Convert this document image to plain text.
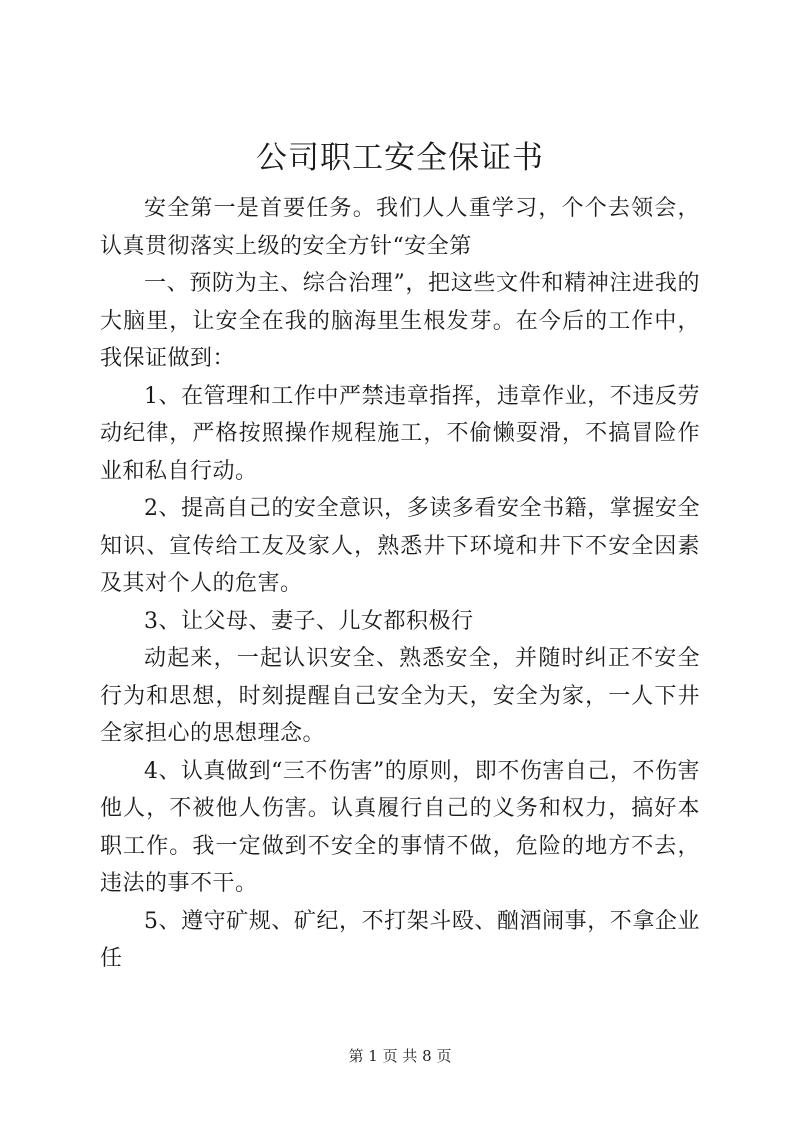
公司职工安全保证书

安全第一是首要任务。我们人人重学习，个个去领会，认真贯彻落实上级的安全方针“安全第

一、预防为主、综合治理”，把这些文件和精神注进我的大脑里，让安全在我的脑海里生根发芽。在今后的工作中，我保证做到：

1、在管理和工作中严禁违章指挥，违章作业，不违反劳动纪律，严格按照操作规程施工，不偷懒耍滑，不搞冒险作业和私自行动。

2、提高自己的安全意识，多读多看安全书籍，掌握安全知识、宣传给工友及家人，熟悉井下环境和井下不安全因素及其对个人的危害。

3、让父母、妻子、儿女都积极行

动起来，一起认识安全、熟悉安全，并随时纠正不安全行为和思想，时刻提醒自己安全为天，安全为家，一人下井全家担心的思想理念。

4、认真做到“三不伤害”的原则，即不伤害自己，不伤害他人，不被他人伤害。认真履行自己的义务和权力，搞好本职工作。我一定做到不安全的事情不做，危险的地方不去，违法的事不干。

5、遵守矿规、矿纪，不打架斗殴、酗酒闹事，不拿企业任

第 1 页 共 8 页
